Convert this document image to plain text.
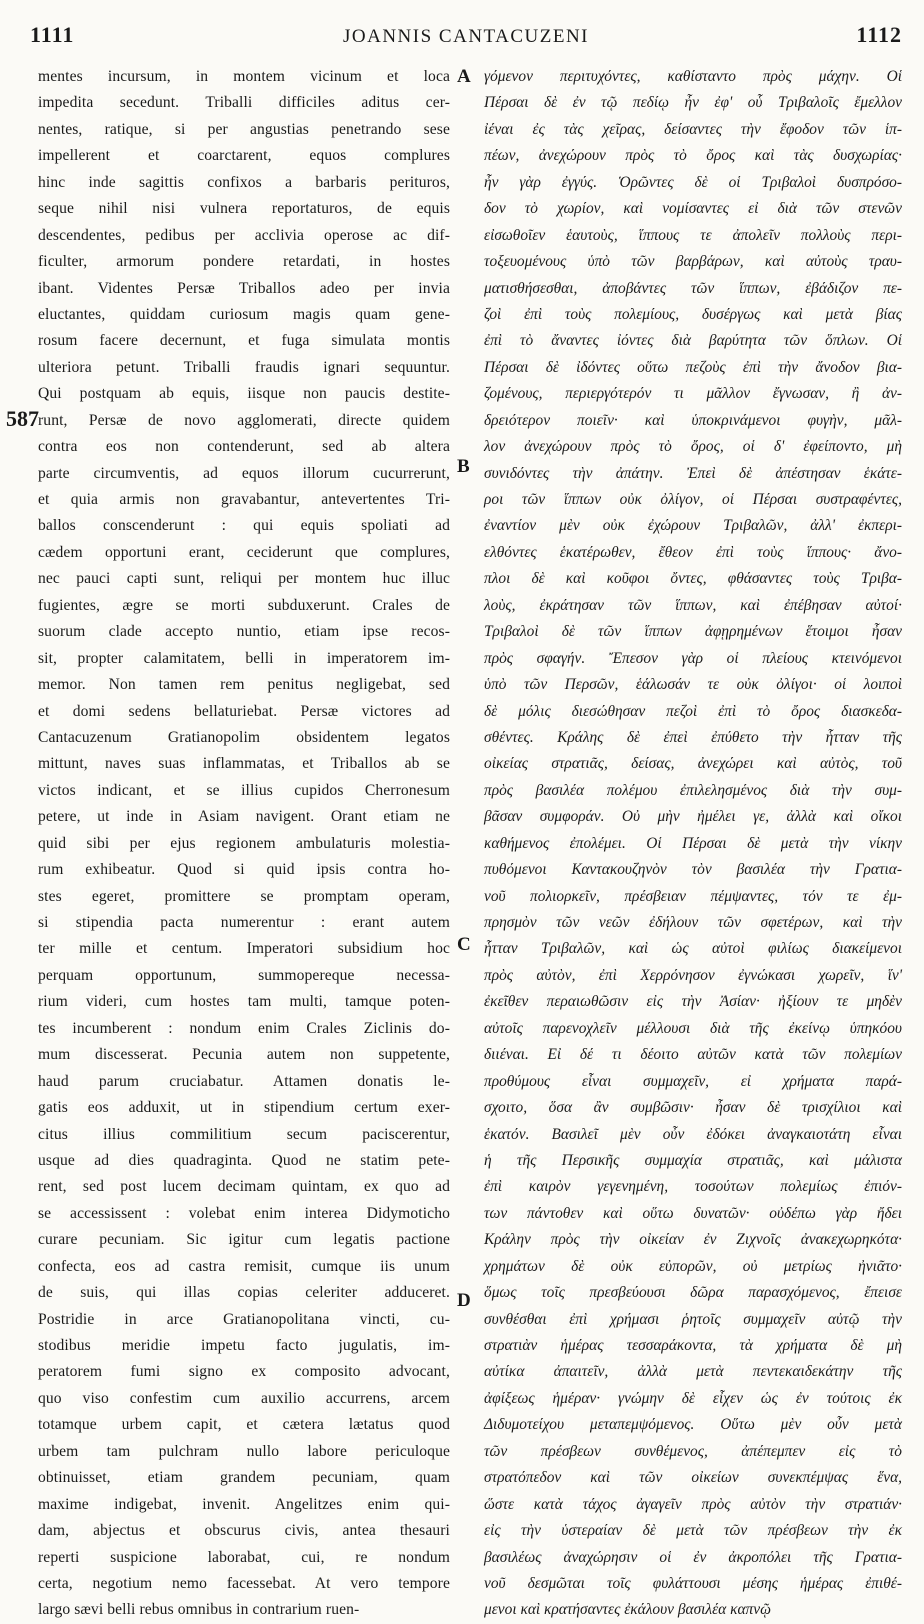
1111	JOANNIS CANTACUZENI	1112
mentes incursum, in montem vicinum et loca
impedita secedunt. Triballi difficiles aditus cer-
nentes, ratique, si per angustias penetrando sese
impellerent et coarctarent, equos complures
hinc inde sagittis confixos a barbaris perituros,
seque nihil nisi vulnera reportaturos, de equis
descendentes, pedibus per acclivia operose ac dif-
ficulter, armorum pondere retardati, in hostes
ibant. Videntes Persæ Triballos adeo per invia
eluctantes, quiddam curiosum magis quam gene-
rosum facere decernunt, et fuga simulata montis
ulteriora petunt. Triballi fraudis ignari sequuntur.
Qui postquam ab equis, iisque non paucis destite-
runt, Persæ de novo agglomerati, directe quidem
contra eos non contenderunt, sed ab altera
parte circumventis, ad equos illorum cucurrerunt,
et quia armis non gravabantur, antevertentes Tri-
ballos conscenderunt : qui equis spoliati ad
cædem opportuni erant, ceciderunt que complures,
nec pauci capti sunt, reliqui per montem huc illuc
fugientes, ægre se morti subduxerunt. Crales de
suorum clade accepto nuntio, etiam ipse recos-
sit, propter calamitatem, belli in imperatorem im-
memor. Non tamen rem penitus negligebat, sed
et domi sedens bellaturiebat. Persæ victores ad
Cantacuzenum Gratianopolim obsidentem legatos
mittunt, naves suas inflammatas, et Triballos ab se
victos indicant, et se illius cupidos Cherronesum
petere, ut inde in Asiam navigent. Orant etiam ne
quid sibi per ejus regionem ambulaturis molestia-
rum exhibeatur. Quod si quid ipsis contra ho-
stes egeret, promittere se promptam operam,
si stipendia pacta numerentur : erant autem
ter mille et centum. Imperatori subsidium hoc
perquam opportunum, summopereque necessa-
rium videri, cum hostes tam multi, tamque poten-
tes incumberent : nondum enim Crales Ziclinis do-
mum discesserat. Pecunia autem non suppetente,
haud parum cruciabatur. Attamen donatis le-
gatis eos adduxit, ut in stipendium certum exer-
citus illius commilitium secum paciscerentur,
usque ad dies quadraginta. Quod ne statim pete-
rent, sed post lucem decimam quintam, ex quo ad
se accessissent : volebat enim interea Didymoticho
curare pecuniam. Sic igitur cum legatis pactione
confecta, eos ad castra remisit, cumque iis unum
de suis, qui illas copias celeriter adduceret.
Postridie in arce Gratianopolitana vincti, cu-
stodibus meridie impetu facto jugulatis, im-
peratorem fumi signo ex composito advocant,
quo viso confestim cum auxilio accurrens, arcem
totamque urbem capit, et cætera lætatus quod
urbem tam pulchram nullo labore periculoque
obtinuisset, etiam grandem pecuniam, quam
maxime indigebat, invenit. Angelitzes enim qui-
dam, abjectus et obscurus civis, antea thesauri
reperti suspicione laborabat, cui, re nondum
certa, negotium nemo facessebat. At vero tempore
largo sævi belli rebus omnibus in contrarium ruen-
γόμενον περιτυχόντες, καθίσταντο πρὸς μάχην. Οἱ
Πέρσαι δὲ ἐν τῷ πεδίῳ ἦν ἐφ' οὗ Τριβαλοῖς ἔμελλον
ἰέναι ἐς τὰς χεῖρας, δείσαντες τὴν ἔφοδον τῶν ἱπ-
πέων, ἀνεχώρουν πρὸς τὸ ὄρος καὶ τὰς δυσχωρίας·
ἦν γὰρ ἐγγύς. Ὁρῶντες δὲ οἱ Τριβαλοὶ δυσπρόσο-
δον τὸ χωρίον, καὶ νομίσαντες εἰ διὰ τῶν στενῶν
εἰσωθοῖεν ἑαυτοὺς, ἵππους τε ἀπολεῖν πολλοὺς περι-
τοξευομένους ὑπὸ τῶν βαρβάρων, καὶ αὐτοὺς τραυ-
ματισθήσεσθαι, ἀποβάντες τῶν ἵππων, ἐβάδιζον πε-
ζοὶ ἐπὶ τοὺς πολεμίους, δυσέργως καὶ μετὰ βίας
ἐπὶ τὸ ἄναντες ἰόντες διὰ βαρύτητα τῶν ὅπλων. Οἱ
Πέρσαι δὲ ἰδόντες οὕτω πεζοὺς ἐπὶ τὴν ἄνοδον βια-
ζομένους, περιεργότερόν τι μᾶλλον ἔγνωσαν, ἢ ἀν-
δρειότερον ποιεῖν· καὶ ὑποκρινάμενοι φυγὴν, μᾶλ-
λον ἀνεχώρουν πρὸς τὸ ὄρος, οἱ δ' ἐφείποντο, μὴ
συνιδόντες τὴν ἀπάτην. Ἐπεὶ δὲ ἀπέστησαν ἑκάτε-
ροι τῶν ἵππων οὐκ ὀλίγον, οἱ Πέρσαι συστραφέντες,
ἐναντίον μὲν οὐκ ἐχώρουν Τριβαλῶν, ἀλλ' ἐκπερι-
ελθόντες ἑκατέρωθεν, ἔθεον ἐπὶ τοὺς ἵππους· ἄνο-
πλοι δὲ καὶ κοῦφοι ὄντες, φθάσαντες τοὺς Τριβα-
λοὺς, ἐκράτησαν τῶν ἵππων, καὶ ἐπέβησαν αὐτοί·
Τριβαλοὶ δὲ τῶν ἵππων ἀφῃρημένων ἕτοιμοι ἦσαν
πρὸς σφαγήν. Ἔπεσον γὰρ οἱ πλείους κτεινόμενοι
ὑπὸ τῶν Περσῶν, ἑάλωσάν τε οὐκ ὀλίγοι· οἱ λοιποὶ
δὲ μόλις διεσώθησαν πεζοὶ ἐπὶ τὸ ὄρος διασκεδα-
σθέντες. Κράλης δὲ ἐπεὶ ἐπύθετο τὴν ἧτταν τῆς
οἰκείας στρατιᾶς, δείσας, ἀνεχώρει καὶ αὐτὸς, τοῦ
πρὸς βασιλέα πολέμου ἐπιλελησμένος διὰ τὴν συμ-
βᾶσαν συμφοράν. Οὐ μὴν ἠμέλει γε, ἀλλὰ καὶ οἴκοι
καθήμενος ἐπολέμει. Οἱ Πέρσαι δὲ μετὰ τὴν νίκην
πυθόμενοι Καντακουζηνὸν τὸν βασιλέα τὴν Γρατια-
νοῦ πολιορκεῖν, πρέσβειαν πέμψαντες, τόν τε ἐμ-
πρησμὸν τῶν νεῶν ἐδήλουν τῶν σφετέρων, καὶ τὴν
ἧτταν Τριβαλῶν, καὶ ὡς αὐτοὶ φιλίως διακείμενοι
πρὸς αὐτὸν, ἐπὶ Χερρόνησον ἐγνώκασι χωρεῖν, ἵν'
ἐκεῖθεν περαιωθῶσιν εἰς τὴν Ἀσίαν· ἠξίουν τε μηδὲν
αὐτοῖς παρενοχλεῖν μέλλουσι διὰ τῆς ἐκείνῳ ὑπηκόου
διιέναι. Εἰ δέ τι δέοιτο αὐτῶν κατὰ τῶν πολεμίων
προθύμους εἶναι συμμαχεῖν, εἰ χρήματα παρά-
σχοιτο, ὅσα ἂν συμβῶσιν· ἦσαν δὲ τρισχίλιοι καὶ
ἑκατόν. Βασιλεῖ μὲν οὖν ἐδόκει ἀναγκαιοτάτη εἶναι
ἡ τῆς Περσικῆς συμμαχία στρατιᾶς, καὶ μάλιστα
ἐπὶ καιρὸν γεγενημένη, τοσούτων πολεμίως ἐπιόν-
των πάντοθεν καὶ οὕτω δυνατῶν· οὐδέπω γὰρ ἤδει
Κράλην πρὸς τὴν οἰκείαν ἐν Ζιχνοῖς ἀνακεχωρηκότα·
χρημάτων δὲ οὐκ εὐπορῶν, οὐ μετρίως ἠνιᾶτο·
ὅμως τοῖς πρεσβεύουσι δῶρα παρασχόμενος, ἔπεισε
συνθέσθαι ἐπὶ χρήμασι ῥητοῖς συμμαχεῖν αὐτῷ τὴν
στρατιὰν ἡμέρας τεσσαράκοντα, τὰ χρήματα δὲ μὴ
αὐτίκα ἀπαιτεῖν, ἀλλὰ μετὰ πεντεκαιδεκάτην τῆς
ἀφίξεως ἡμέραν· γνώμην δὲ εἶχεν ὡς ἐν τούτοις ἐκ
Διδυμοτείχου μεταπεμψόμενος. Οὕτω μὲν οὖν μετὰ
τῶν πρέσβεων συνθέμενος, ἀπέπεμπεν εἰς τὸ
στρατόπεδον καὶ τῶν οἰκείων συνεκπέμψας ἕνα,
ὥστε κατὰ τάχος ἀγαγεῖν πρὸς αὐτὸν τὴν στρατιάν·
εἰς τὴν ὑστεραίαν δὲ μετὰ τῶν πρέσβεων τὴν ἐκ
βασιλέως ἀναχώρησιν οἱ ἐν ἀκροπόλει τῆς Γρατια-
νοῦ δεσμῶται τοῖς φυλάττουσι μέσης ἡμέρας ἐπιθέ-
μενοι καὶ κρατήσαντες ἐκάλουν βασιλέα καπνῷ
587
A
B
C
D
